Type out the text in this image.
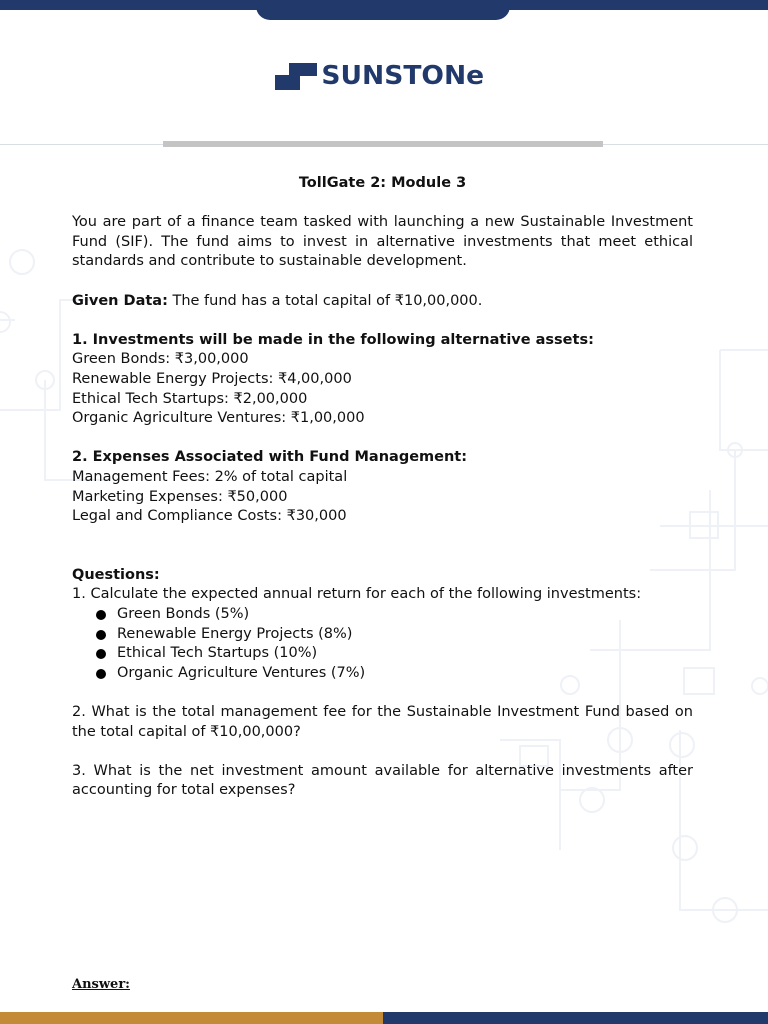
SUNSTONe

TollGate 2: Module 3

You are part of a finance team tasked with launching a new Sustainable Investment Fund (SIF). The fund aims to invest in alternative investments that meet ethical standards and contribute to sustainable development.

Given Data: The fund has a total capital of ₹10,00,000.

1. Investments will be made in the following alternative assets:

Green Bonds: ₹3,00,000

Renewable Energy Projects: ₹4,00,000

Ethical Tech Startups: ₹2,00,000

Organic Agriculture Ventures: ₹1,00,000

2. Expenses Associated with Fund Management:

Management Fees: 2% of total capital

Marketing Expenses: ₹50,000

Legal and Compliance Costs: ₹30,000

Questions:

1. Calculate the expected annual return for each of the following investments:

Green Bonds (5%)
Renewable Energy Projects (8%)
Ethical Tech Startups (10%)
Organic Agriculture Ventures (7%)

2. What is the total management fee for the Sustainable Investment Fund based on the total capital of ₹10,00,000?

3. What is the net investment amount available for alternative investments after accounting for total expenses?

Answer:
